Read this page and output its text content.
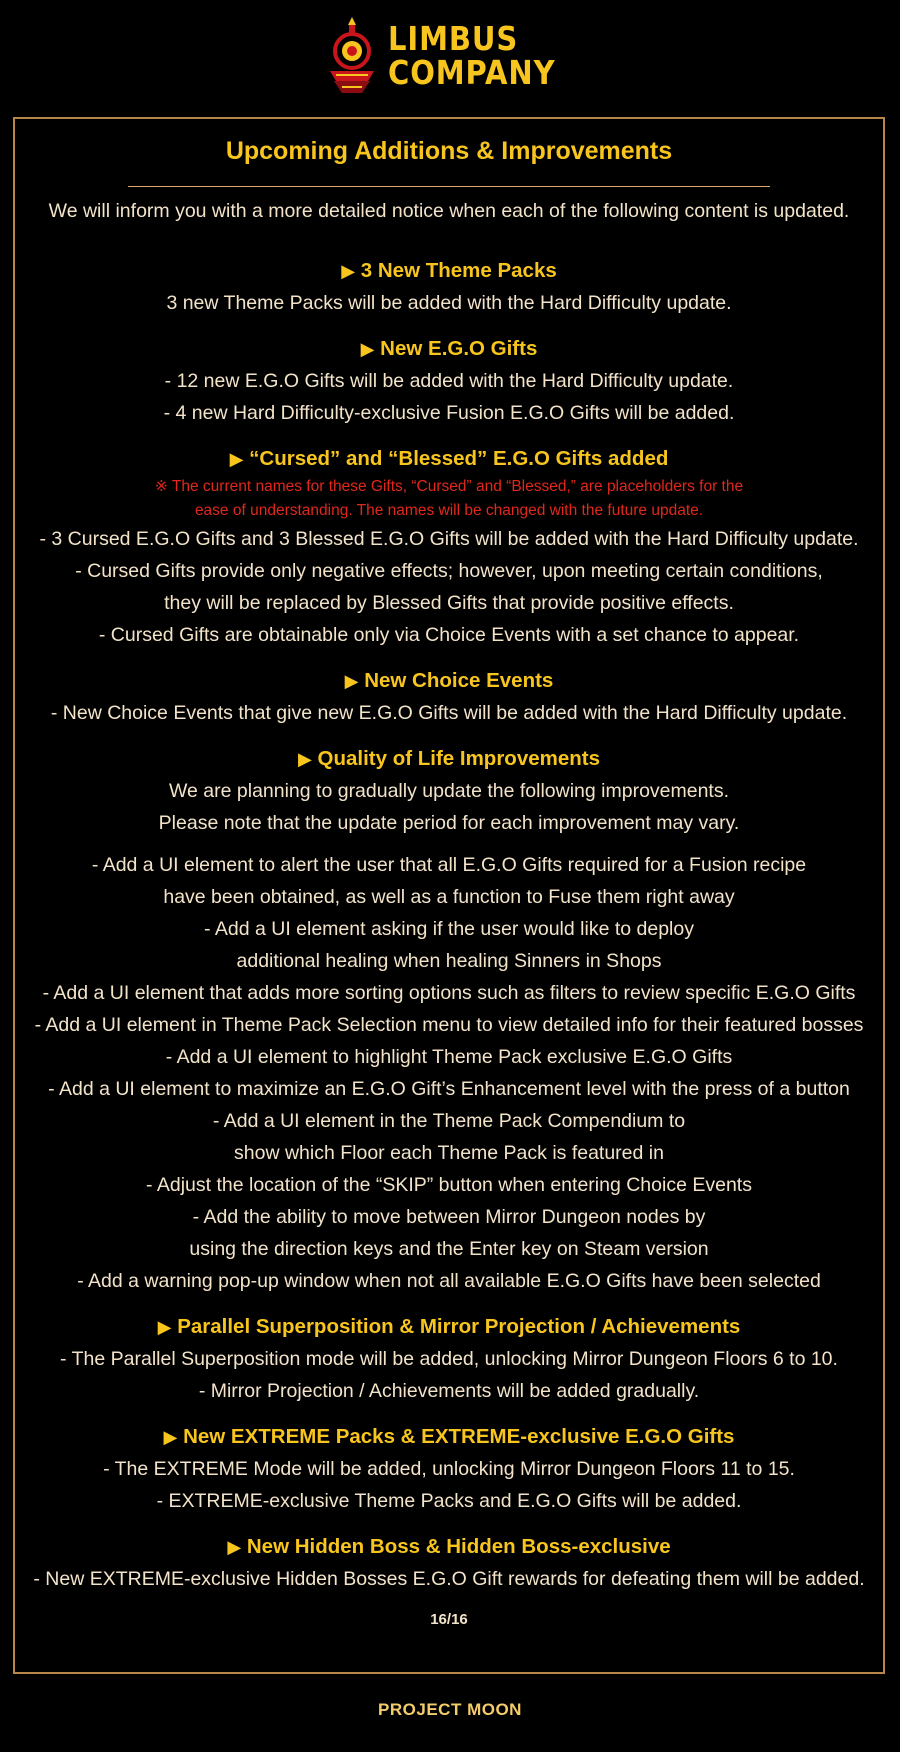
LIMBUS
COMPANY
Upcoming Additions & Improvements
We will inform you with a more detailed notice when each of the following content is updated.
▶ 3 New Theme Packs
3 new Theme Packs will be added with the Hard Difficulty update.
▶ New E.G.O Gifts
- 12 new E.G.O Gifts will be added with the Hard Difficulty update.
- 4 new Hard Difficulty-exclusive Fusion E.G.O Gifts will be added.
▶ “Cursed” and “Blessed” E.G.O Gifts added
※ The current names for these Gifts, “Cursed” and “Blessed,” are placeholders for the
ease of understanding. The names will be changed with the future update.
- 3 Cursed E.G.O Gifts and 3 Blessed E.G.O Gifts will be added with the Hard Difficulty update.
- Cursed Gifts provide only negative effects; however, upon meeting certain conditions,
they will be replaced by Blessed Gifts that provide positive effects.
- Cursed Gifts are obtainable only via Choice Events with a set chance to appear.
▶ New Choice Events
- New Choice Events that give new E.G.O Gifts will be added with the Hard Difficulty update.
▶ Quality of Life Improvements
We are planning to gradually update the following improvements.
Please note that the update period for each improvement may vary.
- Add a UI element to alert the user that all E.G.O Gifts required for a Fusion recipe
have been obtained, as well as a function to Fuse them right away
- Add a UI element asking if the user would like to deploy
additional healing when healing Sinners in Shops
- Add a UI element that adds more sorting options such as filters to review specific E.G.O Gifts
- Add a UI element in Theme Pack Selection menu to view detailed info for their featured bosses
- Add a UI element to highlight Theme Pack exclusive E.G.O Gifts
- Add a UI element to maximize an E.G.O Gift’s Enhancement level with the press of a button
- Add a UI element in the Theme Pack Compendium to
show which Floor each Theme Pack is featured in
- Adjust the location of the “SKIP” button when entering Choice Events
- Add the ability to move between Mirror Dungeon nodes by
using the direction keys and the Enter key on Steam version
- Add a warning pop-up window when not all available E.G.O Gifts have been selected
▶ Parallel Superposition & Mirror Projection / Achievements
- The Parallel Superposition mode will be added, unlocking Mirror Dungeon Floors 6 to 10.
- Mirror Projection / Achievements will be added gradually.
▶ New EXTREME Packs & EXTREME-exclusive E.G.O Gifts
- The EXTREME Mode will be added, unlocking Mirror Dungeon Floors 11 to 15.
- EXTREME-exclusive Theme Packs and E.G.O Gifts will be added.
▶ New Hidden Boss & Hidden Boss-exclusive
- New EXTREME-exclusive Hidden Bosses E.G.O Gift rewards for defeating them will be added.
16/16
PROJECT MOON
